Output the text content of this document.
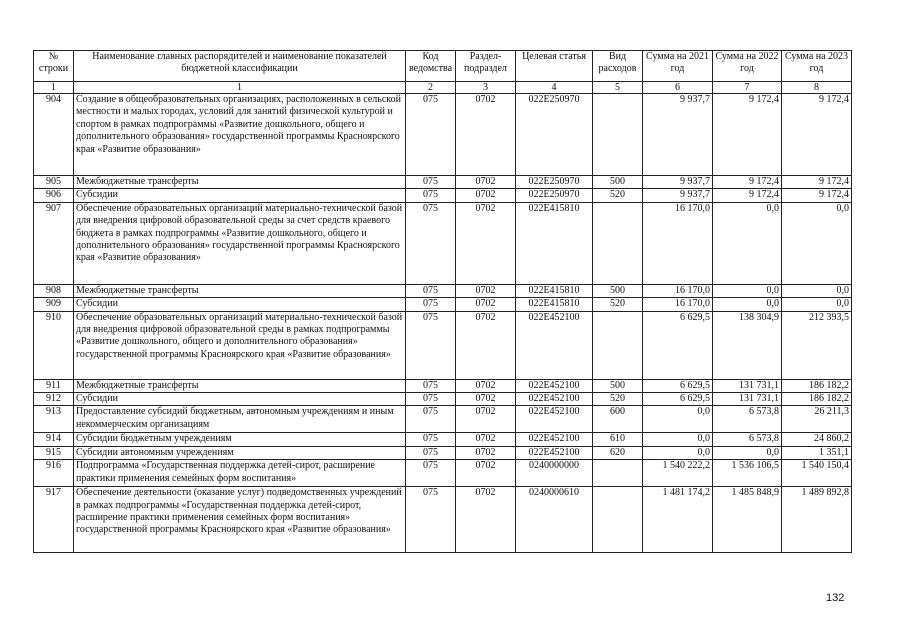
№ строки	Наименование главных распорядителей и наименование показателей бюджетной классификации	Код ведомства	Раздел-подраздел	Целевая статья	Вид расходов	Сумма на 2021 год	Сумма на 2022 год	Сумма на 2023 год
1	1	2	3	4	5	6	7	8
904	Создание в общеобразовательных организациях, расположенных в сельской местности и малых городах, условий для занятий физической культурой и спортом в рамках подпрограммы «Развитие дошкольного, общего и дополнительного образования» государственной программы Красноярского края «Развитие образования»	075	0702	022E250970		9 937,7	9 172,4	9 172,4
905	Межбюджетные трансферты	075	0702	022E250970	500	9 937,7	9 172,4	9 172,4
906	Субсидии	075	0702	022E250970	520	9 937,7	9 172,4	9 172,4
907	Обеспечение образовательных организаций материально-технической базой для внедрения цифровой образовательной среды за счет средств краевого бюджета в рамках подпрограммы «Развитие дошкольного, общего и дополнительного образования» государственной программы Красноярского края «Развитие образования»	075	0702	022E415810		16 170,0	0,0	0,0
908	Межбюджетные трансферты	075	0702	022E415810	500	16 170,0	0,0	0,0
909	Субсидии	075	0702	022E415810	520	16 170,0	0,0	0,0
910	Обеспечение образовательных организаций материально-технической базой для внедрения цифровой образовательной среды в рамках подпрограммы «Развитие дошкольного, общего и дополнительного образования» государственной программы Красноярского края «Развитие образования»	075	0702	022E452100		6 629,5	138 304,9	212 393,5
911	Межбюджетные трансферты	075	0702	022E452100	500	6 629,5	131 731,1	186 182,2
912	Субсидии	075	0702	022E452100	520	6 629,5	131 731,1	186 182,2
913	Предоставление субсидий бюджетным, автономным учреждениям и иным некоммерческим организациям	075	0702	022E452100	600	0,0	6 573,8	26 211,3
914	Субсидии бюджетным учреждениям	075	0702	022E452100	610	0,0	6 573,8	24 860,2
915	Субсидии автономным учреждениям	075	0702	022E452100	620	0,0	0,0	1 351,1
916	Подпрограмма «Государственная поддержка детей-сирот, расширение практики применения семейных форм воспитания»	075	0702	0240000000		1 540 222,2	1 536 106,5	1 540 150,4
917	Обеспечение деятельности (оказание услуг) подведомственных учреждений в рамках подпрограммы «Государственная поддержка детей-сирот, расширение практики применения семейных форм воспитания» государственной программы Красноярского края «Развитие образования»	075	0702	0240000610		1 481 174,2	1 485 848,9	1 489 892,8
132
